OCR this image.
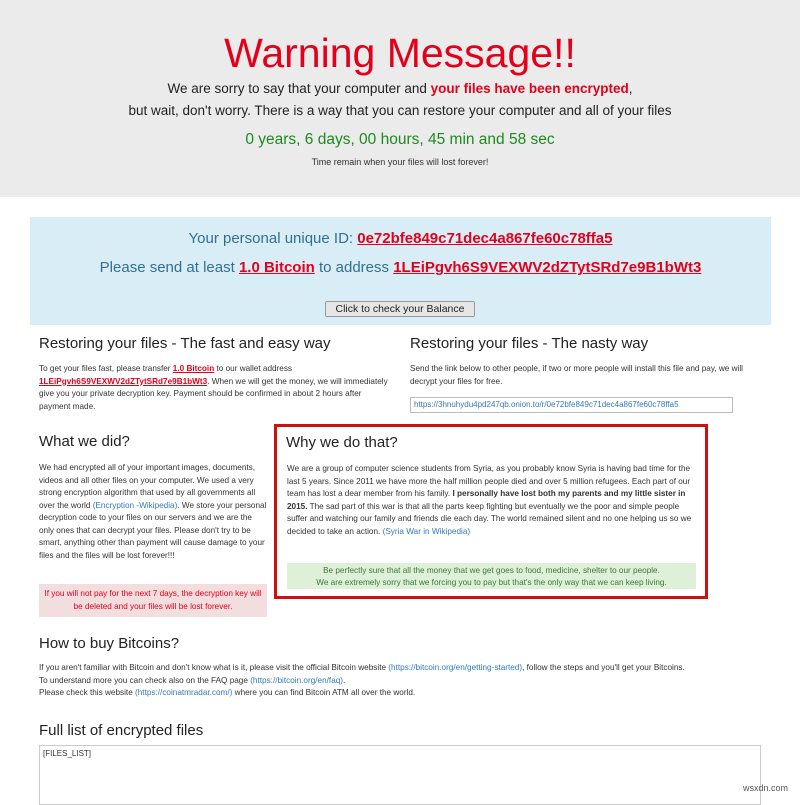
Warning Message!!
We are sorry to say that your computer and your files have been encrypted,
but wait, don't worry. There is a way that you can restore your computer and all of your files
0 years, 6 days, 00 hours, 45 min and 58 sec
Time remain when your files will lost forever!
Your personal unique ID: 0e72bfe849c71dec4a867fe60c78ffa5
Please send at least 1.0 Bitcoin to address 1LEiPgvh6S9VEXWV2dZTytSRd7e9B1bWt3
Click to check your Balance
Restoring your files - The fast and easy way

To get your files fast, please transfer 1.0 Bitcoin to our wallet address 1LEiPgvh6S9VEXWV2dZTytSRd7e9B1bWt3. When we will get the money, we will immediately give you your private decryption key. Payment should be confirmed in about 2 hours after payment made.

Restoring your files - The nasty way

Send the link below to other people, if two or more people will install this file and pay, we will decrypt your files for free.

https://3hnuhydu4pd247qb.onion.to/r/0e72bfe849c71dec4a867fe60c78ffa5
What we did?

We had encrypted all of your important images, documents, videos and all other files on your computer. We used a very strong encryption algorithm that used by all governments all over the world (Encryption -Wikipedia). We store your personal decryption code to your files on our servers and we are the only ones that can decrypt your files. Please don't try to be smart, anything other than payment will cause damage to your files and the files will be lost forever!!!

If you will not pay for the next 7 days, the decryption key will be deleted and your files will be lost forever.
Why we do that?

We are a group of computer science students from Syria, as you probably know Syria is having bad time for the last 5 years. Since 2011 we have more the half million people died and over 5 million refugees. Each part of our team has lost a dear member from his family. I personally have lost both my parents and my little sister in 2015. The sad part of this war is that all the parts keep fighting but eventually we the poor and simple people suffer and watching our family and friends die each day. The world remained silent and no one helping us so we decided to take an action. (Syria War in Wikipedia)

Be perfectly sure that all the money that we get goes to food, medicine, shelter to our people.
We are extremely sorry that we forcing you to pay but that's the only way that we can keep living.
How to buy Bitcoins?

If you aren't familiar with Bitcoin and don't know what is it, please visit the official Bitcoin website (https://bitcoin.org/en/getting-started), follow the steps and you'll get your Bitcoins.
To understand more you can check also on the FAQ page (https://bitcoin.org/en/faq).
Please check this website (https://coinatmradar.com/) where you can find Bitcoin ATM all over the world.

Full list of encrypted files
[FILES_LIST]
wsxdn.com
